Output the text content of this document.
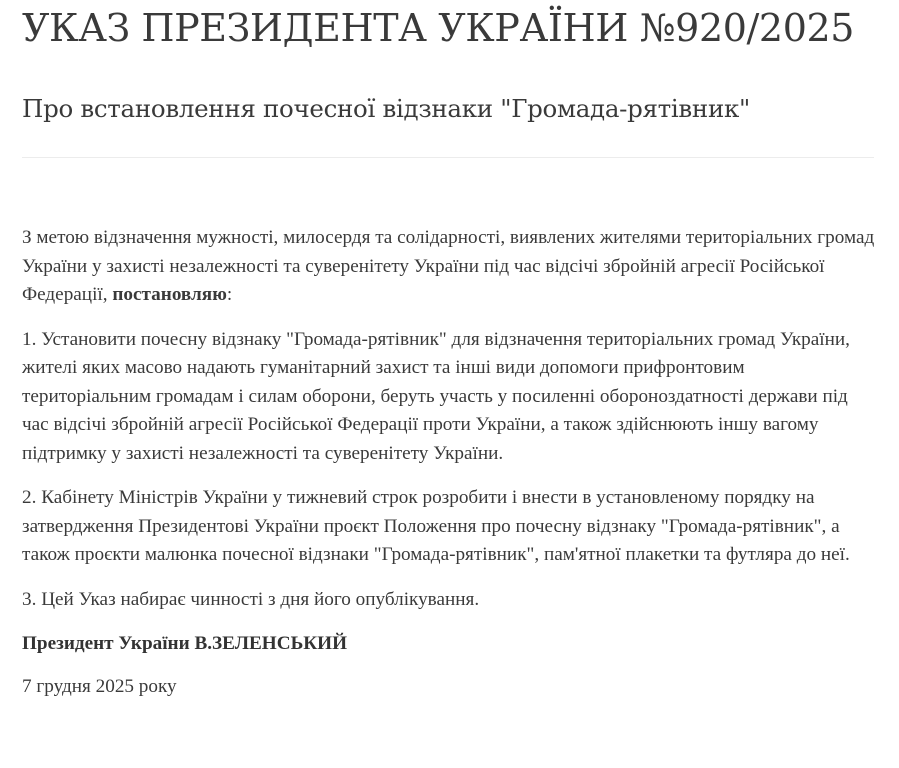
УКАЗ ПРЕЗИДЕНТА УКРАЇНИ №920/2025
Про встановлення почесної відзнаки "Громада-рятівник"

З метою відзначення мужності, милосердя та солідарності, виявлених жителями територіальних громад України у захисті незалежності та суверенітету України під час відсічі збройній агресії Російської Федерації, постановляю:

1. Установити почесну відзнаку "Громада-рятівник" для відзначення територіальних громад України, жителі яких масово надають гуманітарний захист та інші види допомоги прифронтовим територіальним громадам і силам оборони, беруть участь у посиленні обороноздатності держави під час відсічі збройній агресії Російської Федерації проти України, а також здійснюють іншу вагому підтримку у захисті незалежності та суверенітету України.

2. Кабінету Міністрів України у тижневий строк розробити і внести в установленому порядку на затвердження Президентові України проєкт Положення про почесну відзнаку "Громада-рятівник", а також проєкти малюнка почесної відзнаки "Громада-рятівник", пам'ятної плакетки та футляра до неї.

3. Цей Указ набирає чинності з дня його опублікування.

Президент України В.ЗЕЛЕНСЬКИЙ

7 грудня 2025 року
